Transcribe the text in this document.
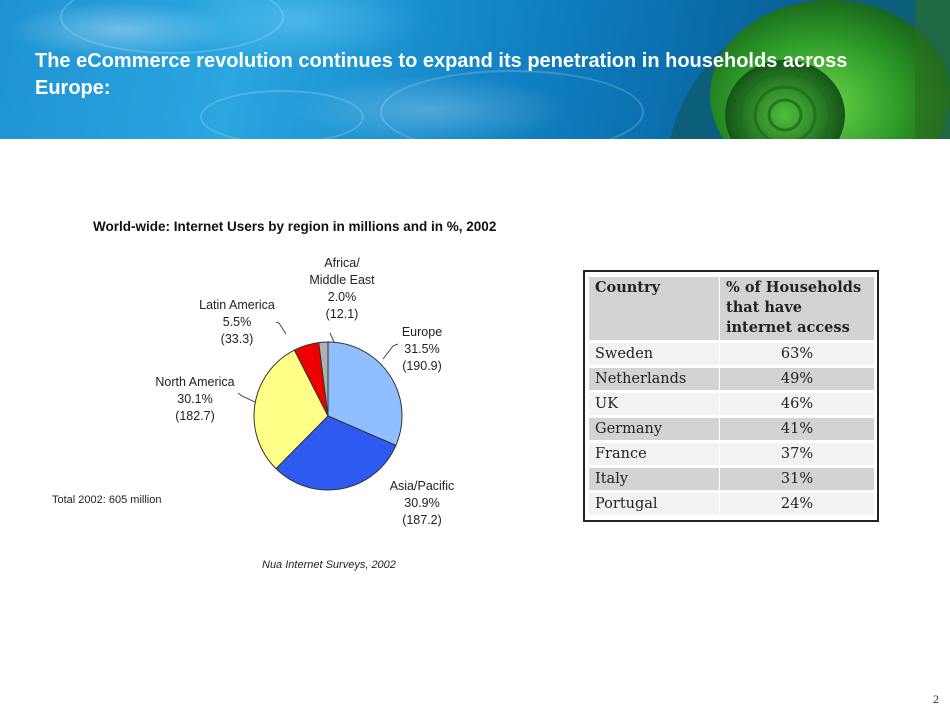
The eCommerce revolution continues to expand its penetration in households across Europe:
World-wide: Internet Users by region in millions and in %, 2002
Africa/
Middle East
2.0%
(12.1)
Latin America
5.5%
(33.3)	Europe
31.5%
(190.9)
North America
30.1%
(182.7)
Asia/Pacific
30.9%
(187.2)
Total 2002: 605 million
Nua Internet Surveys, 2002
Country	% of Households that have internet access
Sweden	63%
Netherlands	49%
UK	46%
Germany	41%
France	37%
Italy	31%
Portugal	24%
2
